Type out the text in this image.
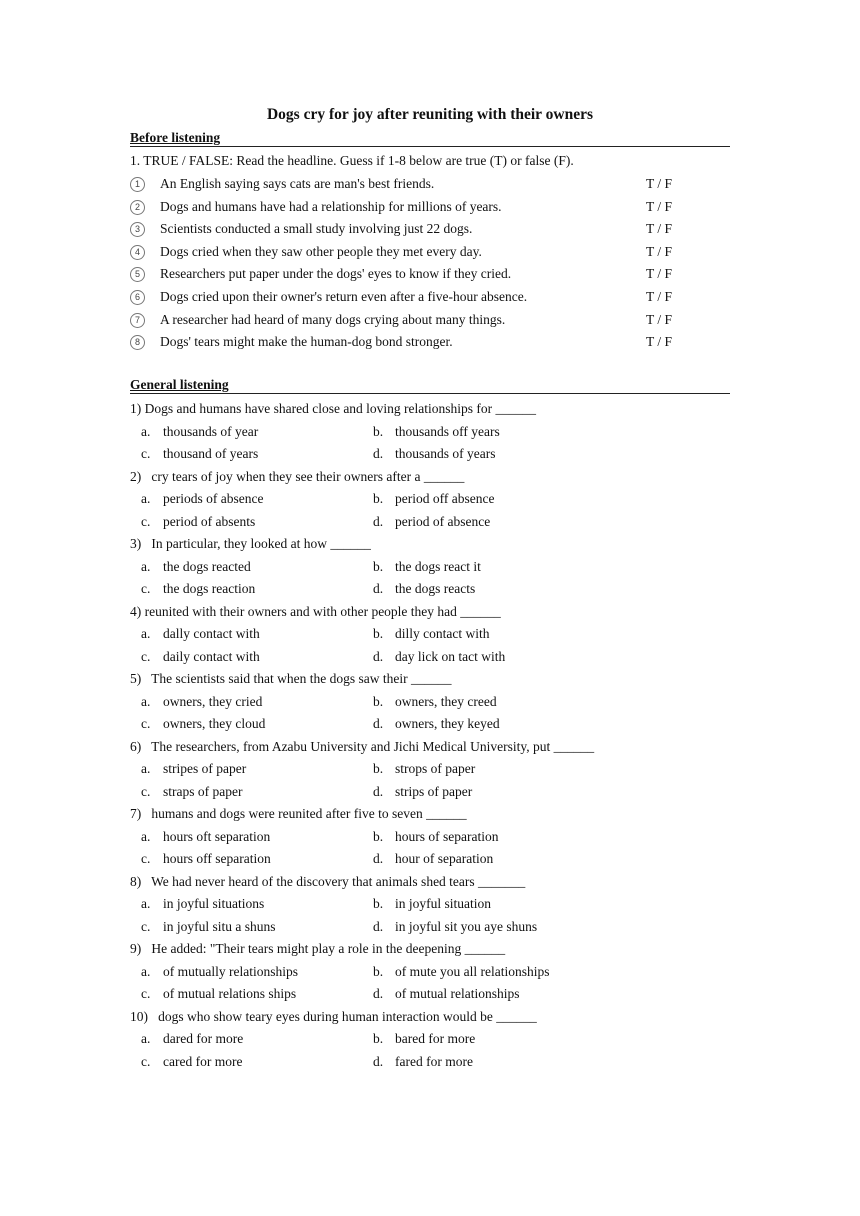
Dogs cry for joy after reuniting with their owners
Before listening
1. TRUE / FALSE: Read the headline. Guess if 1-8 below are true (T) or false (F).
1 An English saying says cats are man's best friends.	T / F
2 Dogs and humans have had a relationship for millions of years.	T / F
3 Scientists conducted a small study involving just 22 dogs.	T / F
4 Dogs cried when they saw other people they met every day.	T / F
5 Researchers put paper under the dogs' eyes to know if they cried.	T / F
6 Dogs cried upon their owner's return even after a five-hour absence.	T / F
7 A researcher had heard of many dogs crying about many things.	T / F
8 Dogs' tears might make the human-dog bond stronger.	T / F
General listening
1) Dogs and humans have shared close and loving relationships for ______
a. thousands of year	b. thousands off years
c. thousand of years	d. thousands of years
2)   cry tears of joy when they see their owners after a ______
a. periods of absence	b. period off absence
c. period of absents	d. period of absence
3)   In particular, they looked at how ______
a. the dogs reacted	b. the dogs react it
c. the dogs reaction	d. the dogs reacts
4) reunited with their owners and with other people they had ______
a. dally contact with	b. dilly contact with
c. daily contact with	d. day lick on tact with
5)   The scientists said that when the dogs saw their ______
a. owners, they cried	b. owners, they creed
c. owners, they cloud	d. owners, they keyed
6)   The researchers, from Azabu University and Jichi Medical University, put ______
a. stripes of paper	b. strops of paper
c. straps of paper	d. strips of paper
7)   humans and dogs were reunited after five to seven ______
a. hours oft separation	b. hours of separation
c. hours off separation	d. hour of separation
8)   We had never heard of the discovery that animals shed tears _______
a. in joyful situations	b. in joyful situation
c. in joyful situ a shuns	d. in joyful sit you aye shuns
9)   He added: "Their tears might play a role in the deepening ______
a. of mutually relationships	b. of mute you all relationships
c. of mutual relations ships	d. of mutual relationships
10)   dogs who show teary eyes during human interaction would be ______
a. dared for more	b. bared for more
c. cared for more	d. fared for more
